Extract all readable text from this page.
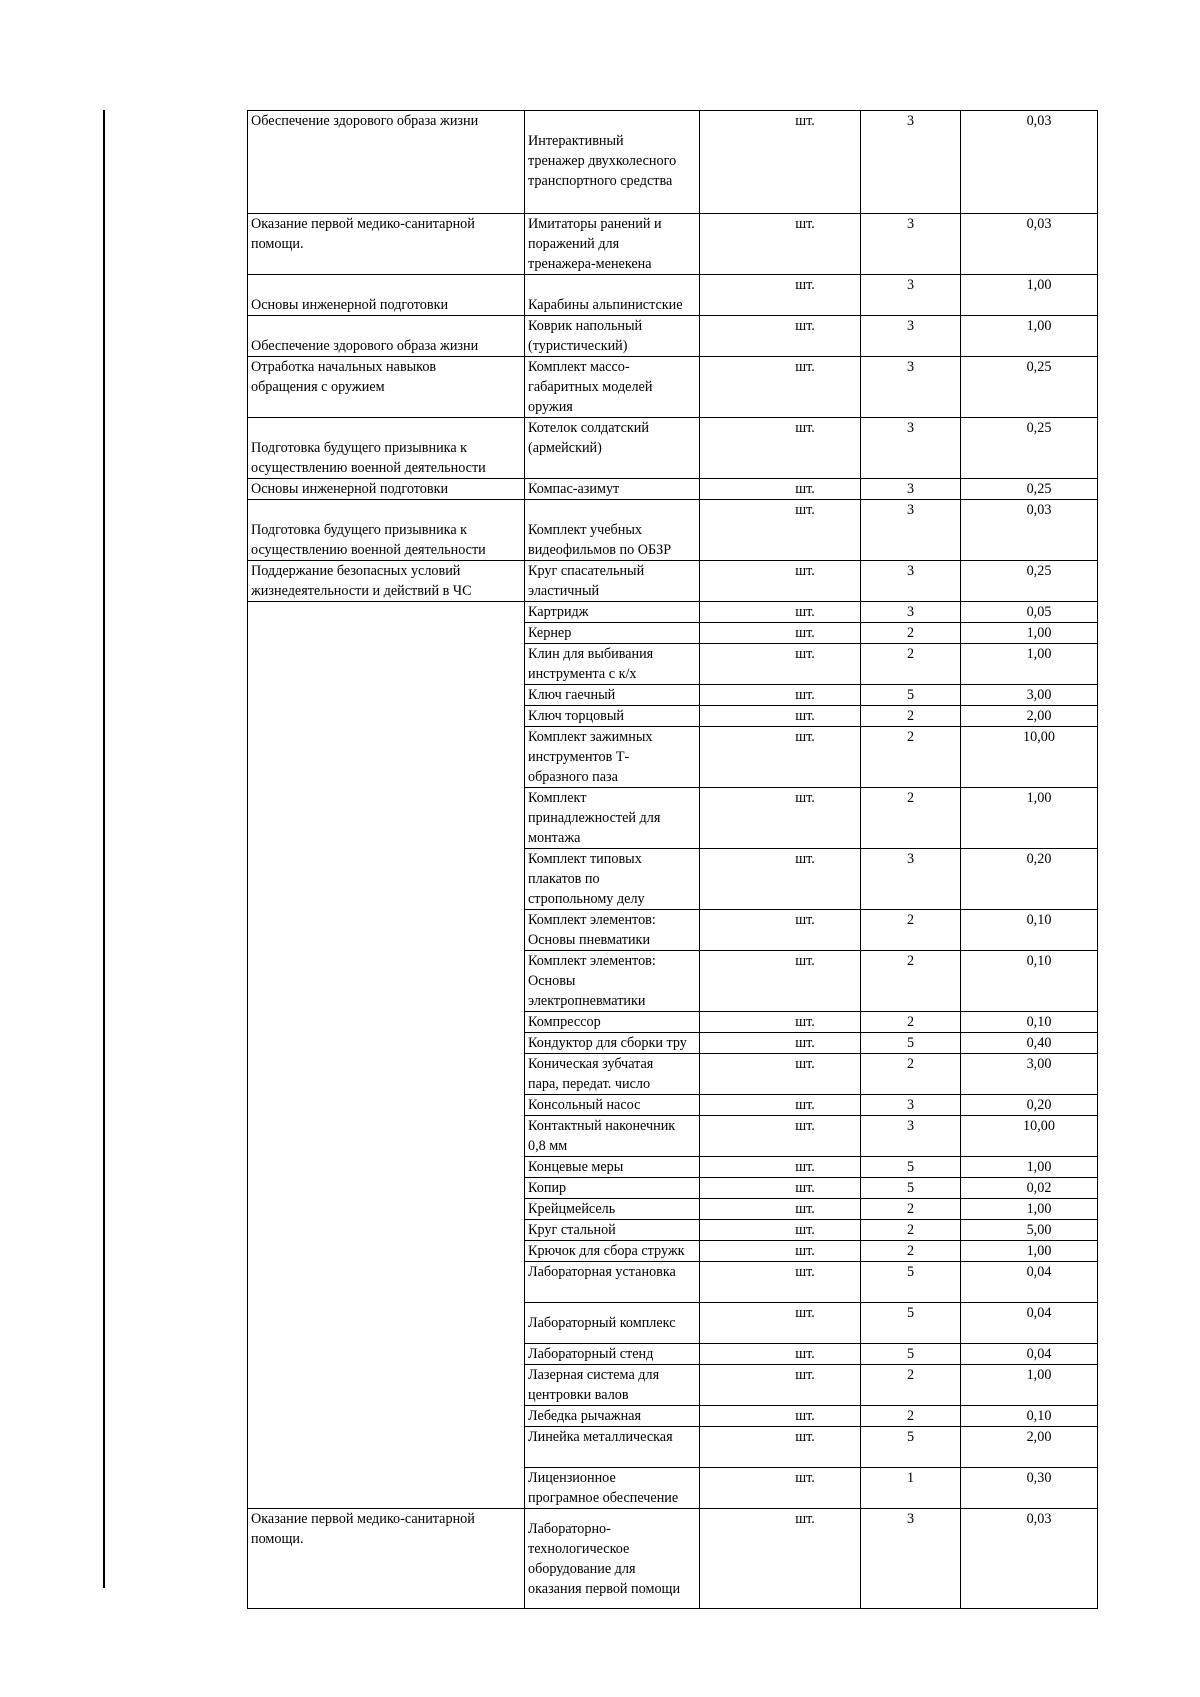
Обеспечение здорового образа жизни	Интерактивный
тренажер двухколесного
транспортного средства	шт.	3	0,03
Оказание первой медико-санитарной
помощи.	Имитаторы ранений и
поражений для
тренажера-менекена	шт.	3	0,03
Основы инженерной подготовки	Карабины альпинистские	шт.	3	1,00
Обеспечение здорового образа жизни	Коврик напольный
(туристический)	шт.	3	1,00
Отработка начальных навыков
обращения с оружием	Комплект массо-
габаритных моделей
оружия	шт.	3	0,25
Подготовка будущего призывника к
осуществлению военной деятельности	Котелок солдатский
(армейский)	шт.	3	0,25
Основы инженерной подготовки	Компас-азимут	шт.	3	0,25
Подготовка будущего призывника к
осуществлению военной деятельности	Комплект учебных
видеофильмов по ОБЗР	шт.	3	0,03
Поддержание безопасных условий
жизнедеятельности и действий в ЧС	Круг спасательный
эластичный	шт.	3	0,25
	Картридж	шт.	3	0,05
	Кернер	шт.	2	1,00
	Клин для выбивания
инструмента с к/х	шт.	2	1,00
	Ключ гаечный	шт.	5	3,00
	Ключ торцовый	шт.	2	2,00
	Комплект зажимных
инструментов Т-
образного паза	шт.	2	10,00
	Комплект
принадлежностей для
монтажа	шт.	2	1,00
	Комплект типовых
плакатов по
стропольному делу	шт.	3	0,20
	Комплект элементов:
Основы пневматики	шт.	2	0,10
	Комплект элементов:
Основы
электропневматики	шт.	2	0,10
	Компрессор	шт.	2	0,10
	Кондуктор для сборки тру	шт.	5	0,40
	Коническая зубчатая
пара, передат. число	шт.	2	3,00
	Консольный насос	шт.	3	0,20
	Контактный наконечник
0,8 мм	шт.	3	10,00
	Концевые меры	шт.	5	1,00
	Копир	шт.	5	0,02
	Крейцмейсель	шт.	2	1,00
	Круг стальной	шт.	2	5,00
	Крючок для сбора стружк	шт.	2	1,00
	Лабораторная установка	шт.	5	0,04
	Лабораторный комплекс	шт.	5	0,04
	Лабораторный стенд	шт.	5	0,04
	Лазерная система для
центровки валов	шт.	2	1,00
	Лебедка рычажная	шт.	2	0,10
	Линейка металлическая	шт.	5	2,00
	Лицензионное
програмное обеспечение	шт.	1	0,30
Оказание первой медико-санитарной
помощи.	Лабораторно-
технологическое
оборудование для
оказания первой помощи	шт.	3	0,03
